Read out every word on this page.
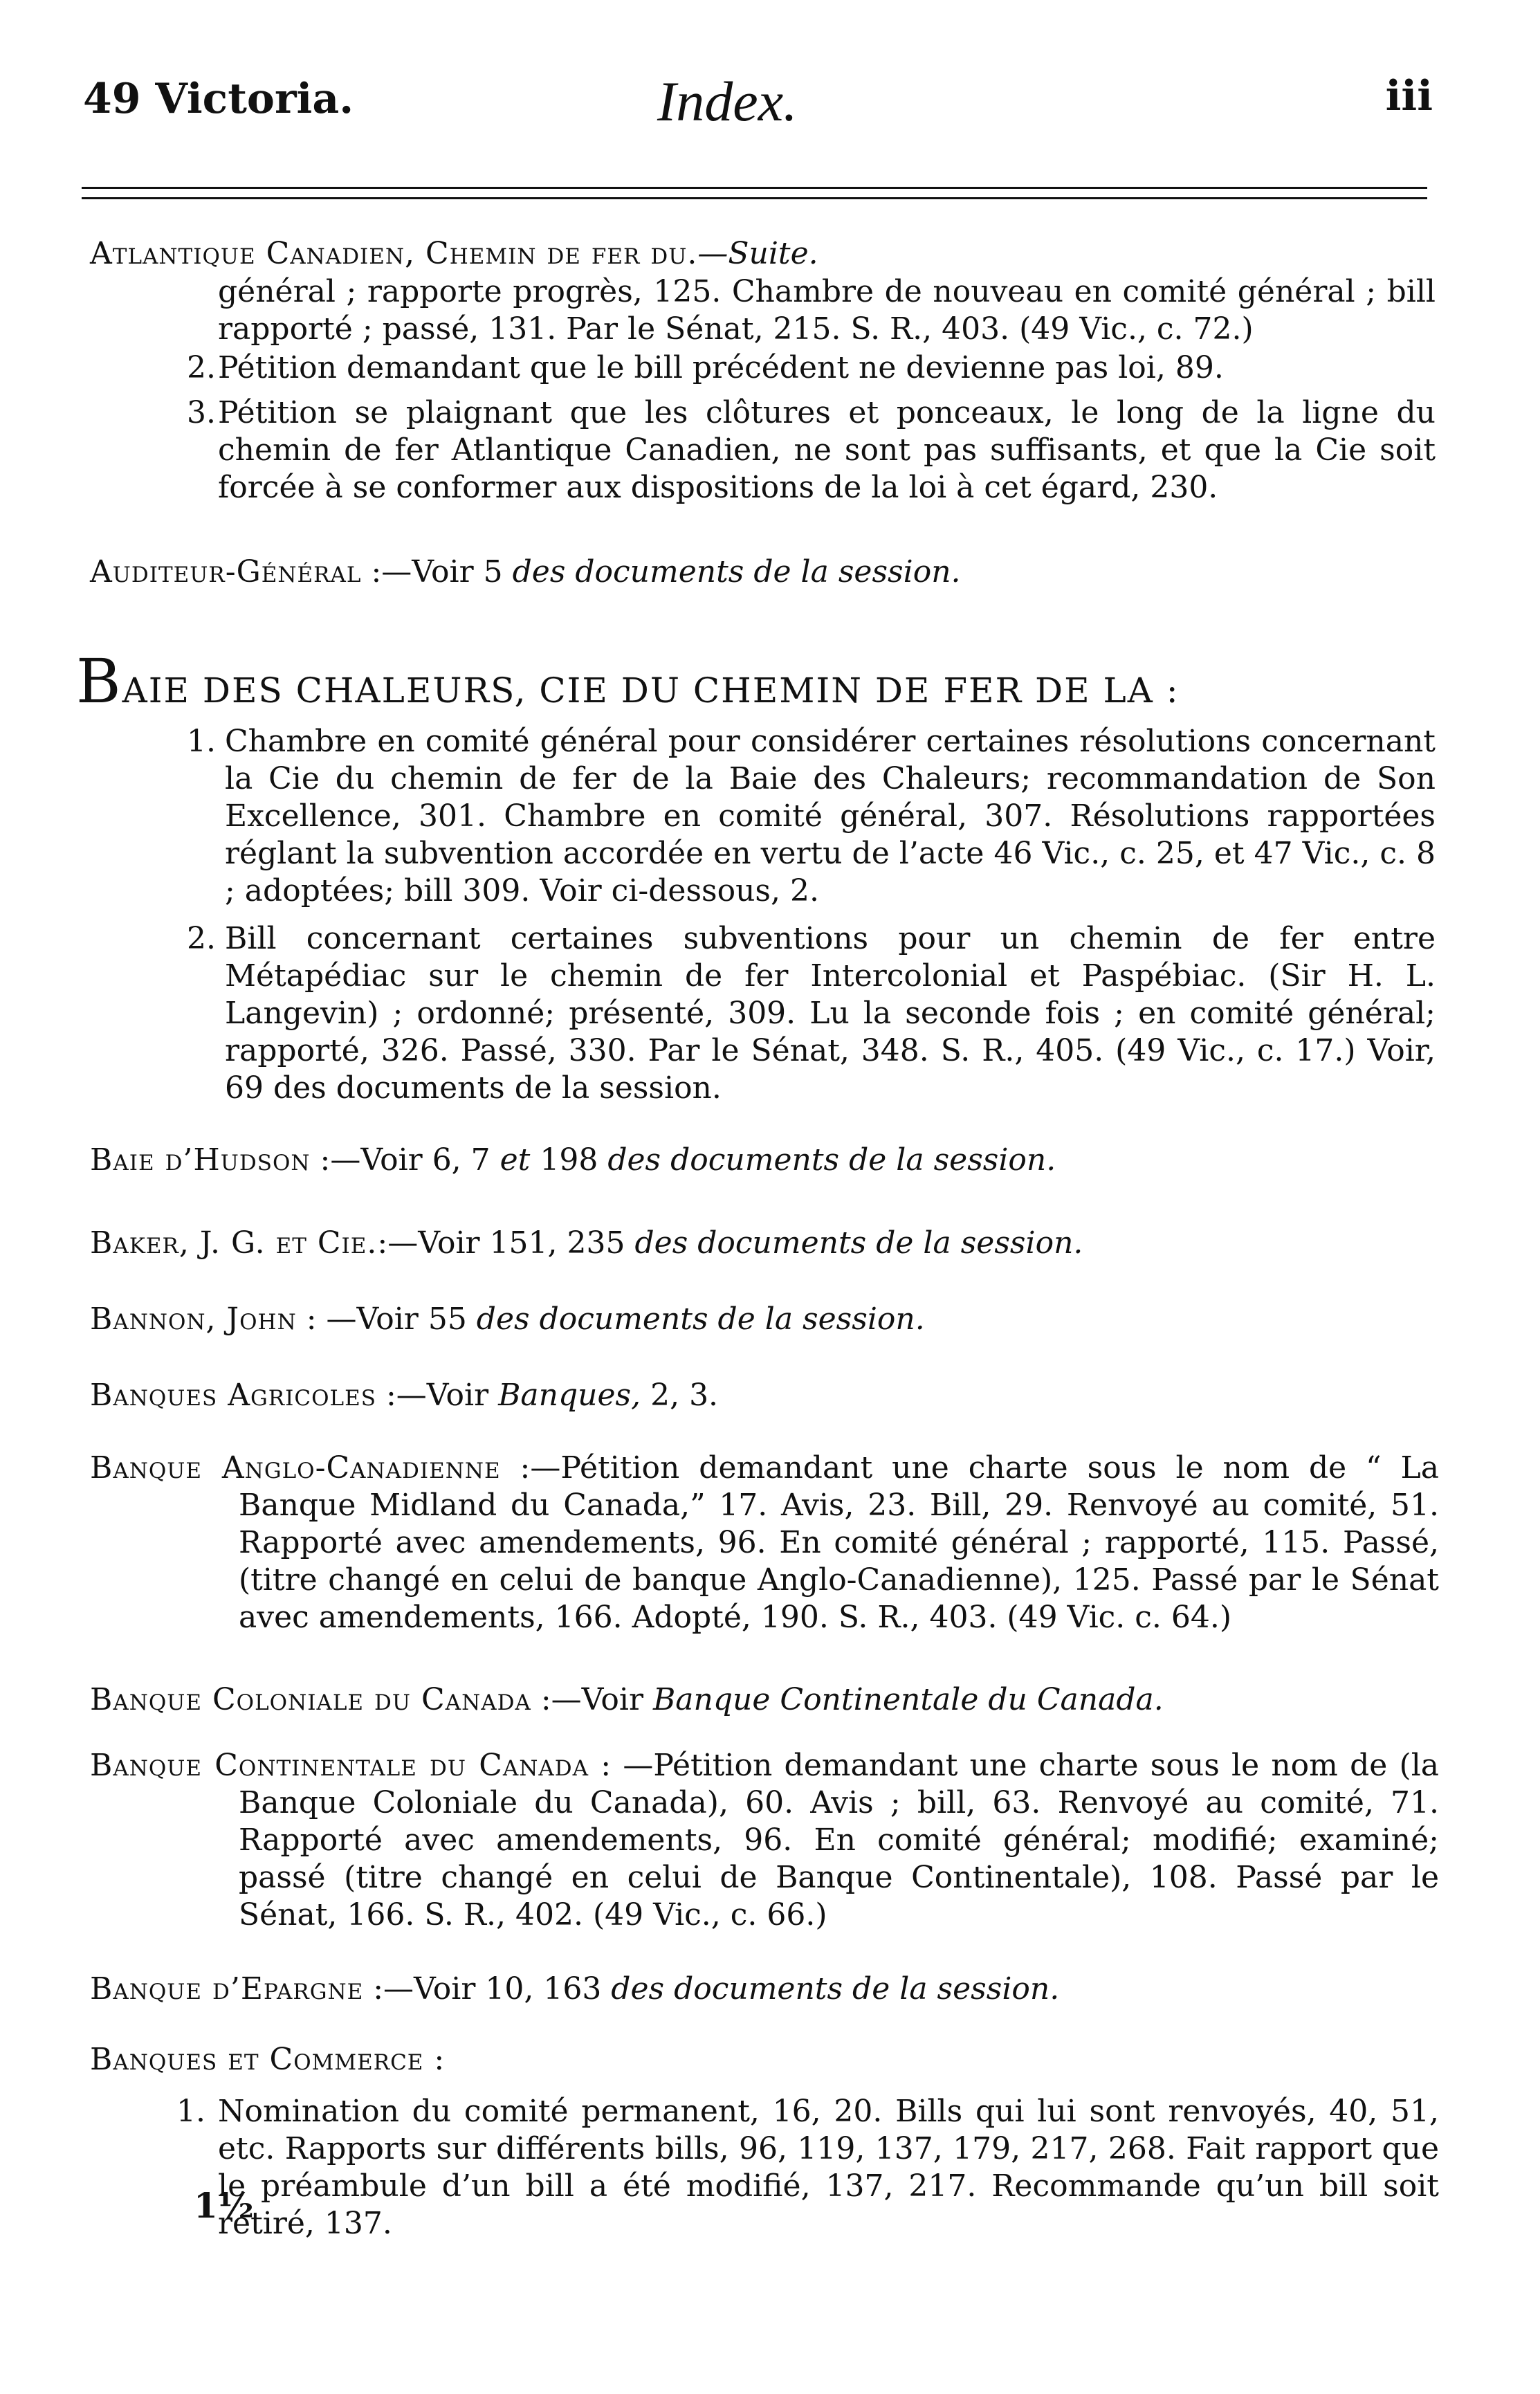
49 Victoria.	Index.	iii
Atlantique Canadien, Chemin de fer du.—Suite.
général ; rapporte progrès, 125. Chambre de nouveau en comité général ; bill rapporté ; passé, 131. Par le Sénat, 215. S. R., 403. (49 Vic., c. 72.)
2. Pétition demandant que le bill précédent ne devienne pas loi, 89.
3. Pétition se plaignant que les clôtures et ponceaux, le long de la ligne du chemin de fer Atlantique Canadien, ne sont pas suffisants, et que la Cie soit forcée à se conformer aux dispositions de la loi à cet égard, 230.
Auditeur-Général :—Voir 5 des documents de la session.
BAIE DES CHALEURS, CIE DU CHEMIN DE FER DE LA :
1. Chambre en comité général pour considérer certaines résolutions concernant la Cie du chemin de fer de la Baie des Chaleurs; recommandation de Son Excellence, 301. Chambre en comité général, 307. Résolutions rapportées réglant la subvention accordée en vertu de l’acte 46 Vic., c. 25, et 47 Vic., c. 8 ; adoptées; bill 309. Voir ci-dessous, 2.
2. Bill concernant certaines subventions pour un chemin de fer entre Métapédiac sur le chemin de fer Intercolonial et Paspébiac. (Sir H. L. Langevin) ; ordonné; présenté, 309. Lu la seconde fois ; en comité général; rapporté, 326. Passé, 330. Par le Sénat, 348. S. R., 405. (49 Vic., c. 17.) Voir, 69 des documents de la session.
Baie d’Hudson :—Voir 6, 7 et 198 des documents de la session.
Baker, J. G. et Cie.:—Voir 151, 235 des documents de la session.
Bannon, John : —Voir 55 des documents de la session.
Banques Agricoles :—Voir Banques, 2, 3.
Banque Anglo-Canadienne :—Pétition demandant une charte sous le nom de “ La Banque Midland du Canada,” 17. Avis, 23. Bill, 29. Renvoyé au comité, 51. Rapporté avec amendements, 96. En comité général ; rapporté, 115. Passé, (titre changé en celui de banque Anglo-Canadienne), 125. Passé par le Sénat avec amendements, 166. Adopté, 190. S. R., 403. (49 Vic. c. 64.)
Banque Coloniale du Canada :—Voir Banque Continentale du Canada.
Banque Continentale du Canada : —Pétition demandant une charte sous le nom de (la Banque Coloniale du Canada), 60. Avis ; bill, 63. Renvoyé au comité, 71. Rapporté avec amendements, 96. En comité général; modifié; examiné; passé (titre changé en celui de Banque Continentale), 108. Passé par le Sénat, 166. S. R., 402. (49 Vic., c. 66.)
Banque d’Epargne :—Voir 10, 163 des documents de la session.
Banques et Commerce :
1. Nomination du comité permanent, 16, 20. Bills qui lui sont renvoyés, 40, 51, etc. Rapports sur différents bills, 96, 119, 137, 179, 217, 268. Fait rapport que le préambule d’un bill a été modifié, 137, 217. Recommande qu’un bill soit retiré, 137.
1½
